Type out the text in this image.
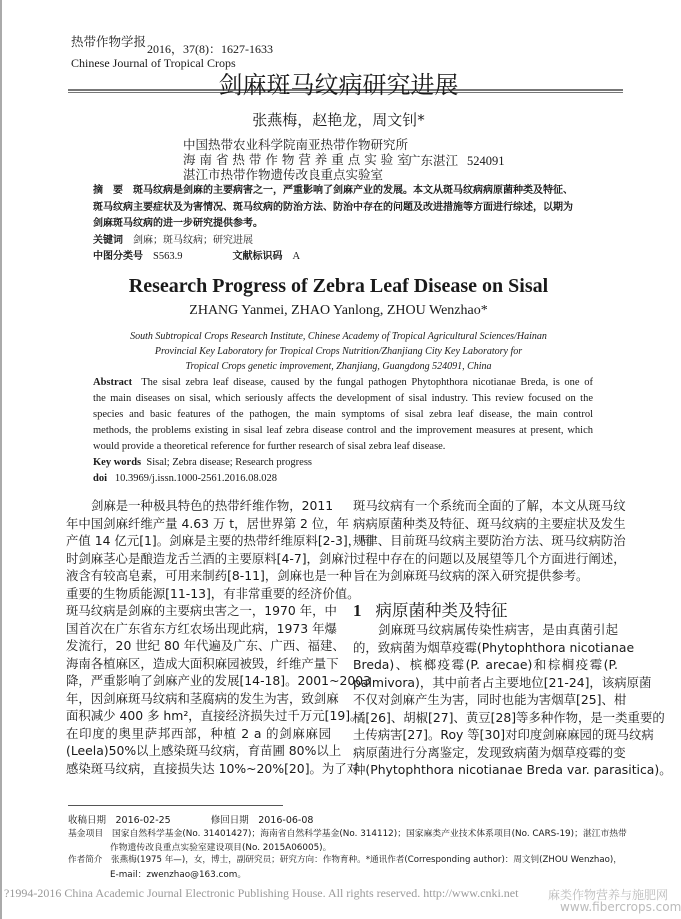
热带作物学报 2016，37(8)：1627-1633
Chinese Journal of Tropical Crops
剑麻斑马纹病研究进展
张燕梅，赵艳龙，周文钊*
中国热带农业科学院南亚热带作物研究所
海 南 省 热 带 作 物 营 养 重 点 实 验 室
湛江市热带作物遗传改良重点实验室
广东湛江 524091
摘　要　 斑马纹病是剑麻的主要病害之一，严重影响了剑麻产业的发展。本文从斑马纹病病原菌种类及特征、
斑马纹病主要症状及为害情况、斑马纹病的防治方法、防治中存在的问题及改进措施等方面进行综述，以期为
剑麻斑马纹病的进一步研究提供参考。
关键词　 剑麻；斑马纹病；研究进展
中图分类号　 S563.9	文献标识码　 A
Research Progress of Zebra Leaf Disease on Sisal
ZHANG Yanmei, ZHAO Yanlong, ZHOU Wenzhao*
South Subtropical Crops Research Institute, Chinese Academy of Tropical Agricultural Sciences/Hainan
Provincial Key Laboratory for Tropical Crops Nutrition/Zhanjiang City Key Laboratory for
Tropical Crops genetic improvement, Zhanjiang, Guangdong 524091, China
Abstract The sisal zebra leaf disease, caused by the fungal pathogen Phytophthora nicotianae Breda, is one of
the main diseases on sisal, which seriously affects the development of sisal industry. This review focused on the
species and basic features of the pathogen, the main symptoms of sisal zebra leaf disease, the main control
methods, the problems existing in sisal leaf zebra disease control and the improvement measures at present, which
would provide a theoretical reference for further research of sisal zebra leaf disease.
Key words Sisal; Zebra disease; Research progress
doi 10.3969/j.issn.1000-2561.2016.08.028
剑麻是一种极具特色的热带纤维作物，2011
年中国剑麻纤维产量 4.63 万 t，居世界第 2 位，年
产值 14 亿元[1]。剑麻是主要的热带纤维原料[2-3]，同
时剑麻茎心是酿造龙舌兰酒的主要原料[4-7]，剑麻汁
液含有较高皂素，可用来制药[8-11]，剑麻也是一种
重要的生物质能源[11-13]，有非常重要的经济价值。
斑马纹病是剑麻的主要病虫害之一，1970 年，中
国首次在广东省东方红农场出现此病，1973 年爆
发流行，20 世纪 80 年代遍及广东、广西、福建、
海南各植麻区，造成大面积麻园被毁，纤维产量下
降，严重影响了剑麻产业的发展[14-18]。2001~2003
年，因剑麻斑马纹病和茎腐病的发生为害，致剑麻
面积减少 400 多 hm²，直接经济损失过千万元[19]。
在印度的奥里萨邦西部，种植 2 a 的剑麻麻园
(Leela)50%以上感染斑马纹病，育苗圃 80%以上
感染斑马纹病，直接损失达 10%~20%[20]。为了对
斑马纹病有一个系统而全面的了解，本文从斑马纹
病病原菌种类及特征、斑马纹病的主要症状及发生
规律、目前斑马纹病主要防治方法、斑马纹病防治
过程中存在的问题以及展望等几个方面进行阐述，
旨在为剑麻斑马纹病的深入研究提供参考。
1 病原菌种类及特征
剑麻斑马纹病属传染性病害，是由真菌引起
的，致病菌为烟草疫霉(Phytophthora nicotianae
Breda)、槟榔疫霉(P. arecae)和棕榈疫霉(P.
palmivora)，其中前者占主要地位[21-24]，该病原菌
不仅对剑麻产生为害，同时也能为害烟草[25]、柑
橘[26]、胡椒[27]、黄豆[28]等多种作物，是一类重要的
土传病害[27]。Roy 等[30]对印度剑麻麻园的斑马纹病
病原菌进行分离鉴定，发现致病菌为烟草疫霉的变
种(Phytophthora nicotianae Breda var. parasitica)。
收稿日期　2016-02-25	修回日期　2016-06-08
基金项目　国家自然科学基金(No. 31401427)；海南省自然科学基金(No. 314112)；国家麻类产业技术体系项目(No. CARS-19)；湛江市热带
作物遗传改良重点实验室建设项目(No. 2015A06005)。
作者简介　张燕梅(1975 年—)，女，博士，副研究员；研究方向：作物育种。*通讯作者(Corresponding author)：周文钊(ZHOU Wenzhao)，
E-mail：zwenzhao@163.com。
?1994-2016 China Academic Journal Electronic Publishing House. All rights reserved. http://www.cnki.net 麻类作物营养与施肥网
www.fibercrops.com
